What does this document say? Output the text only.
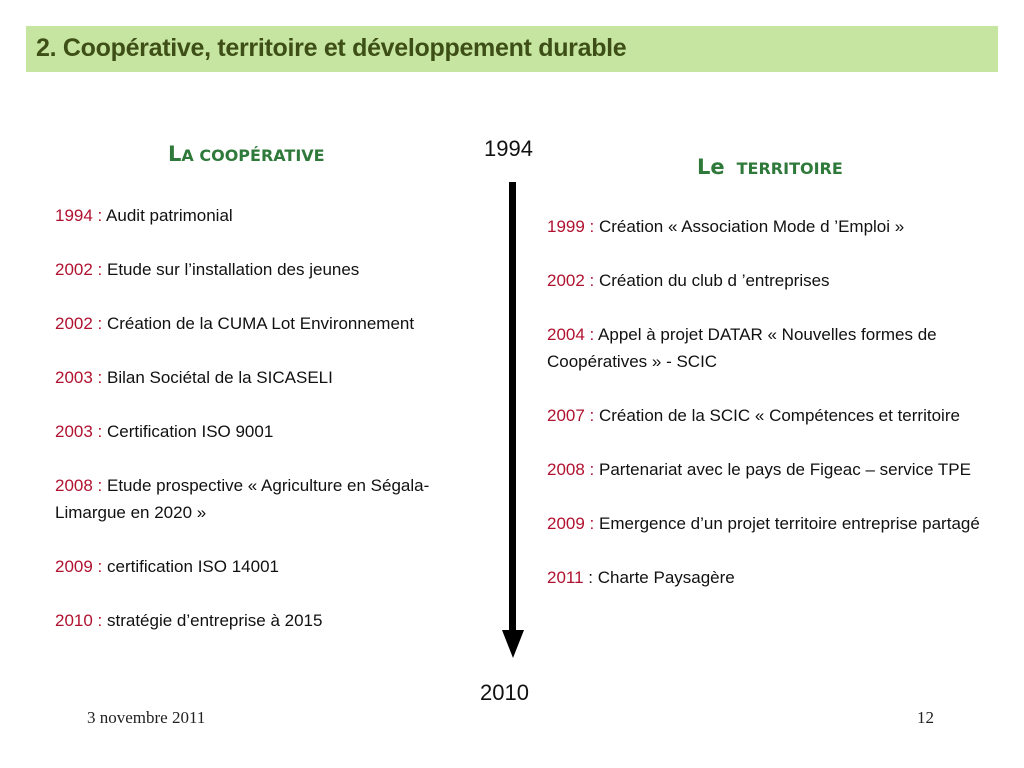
2. Coopérative, territoire et développement durable
LA COOPÉRATIVE	Le TERRITOIRE
1994 : Audit patrimonial
2002 : Etude sur l’installation des jeunes
2002 : Création de la CUMA Lot Environnement
2003 : Bilan Sociétal de la SICASELI
2003 : Certification ISO 9001
2008 : Etude prospective « Agriculture en Ségala-Limargue en 2020 »
2009 : certification ISO 14001
2010 : stratégie d’entreprise à 2015
1999 : Création « Association Mode d ’Emploi »
2002 : Création du club d ’entreprises
2004 : Appel à projet DATAR « Nouvelles formes de Coopératives » - SCIC
2007 : Création de la SCIC « Compétences et territoire
2008 : Partenariat avec le pays de Figeac – service TPE
2009 : Emergence d’un projet territoire entreprise partagé
2011 : Charte Paysagère
1994
2010
3 novembre 2011	12
